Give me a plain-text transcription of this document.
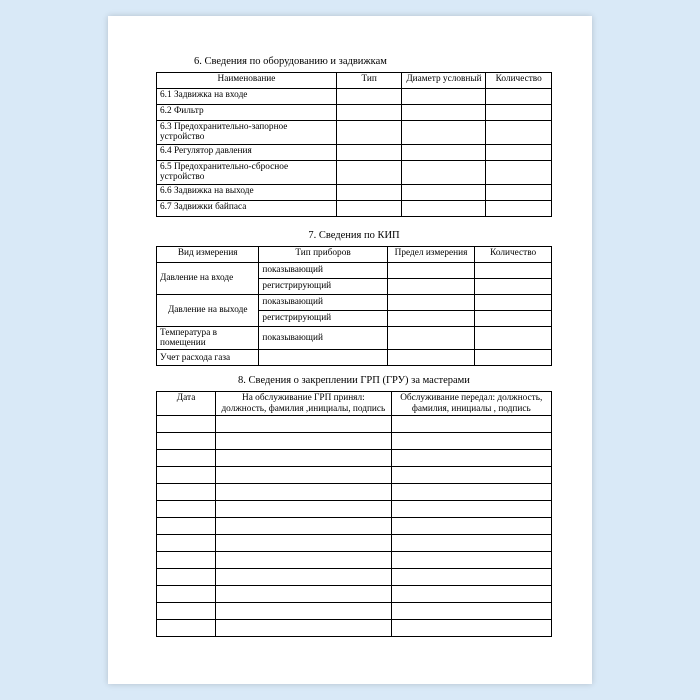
6. Сведения по оборудованию и задвижкам
Наименование	Тип	Диаметр условный	Количество
6.1 Задвижка на входе			
6.2 Фильтр			
6.3 Предохранительно-запорное устройство			
6.4 Регулятор давления			
6.5 Предохранительно-сбросное устройство			
6.6 Задвижка на выходе			
6.7 Задвижки байпаса			
7. Сведения по КИП
Вид измерения	Тип приборов	Предел измерения	Количество
Давление на входе	показывающий		
	регистрирующий		
Давление на выходе	показывающий		
	регистрирующий		
Температура в помещении	показывающий		
Учет расхода газа			
8. Сведения о закреплении ГРП (ГРУ) за мастерами
Дата	На обслуживание ГРП принял: должность, фамилия ,инициалы, подпись	Обслуживание передал: должность, фамилия, инициалы , подпись
